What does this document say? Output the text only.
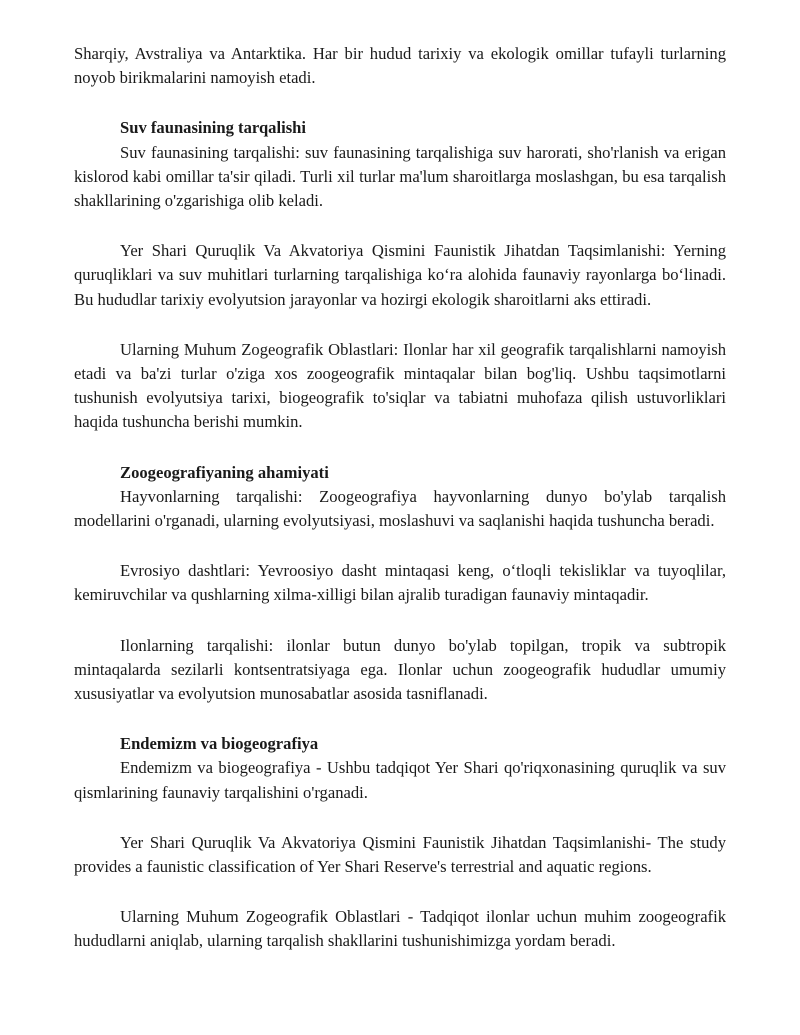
Sharqiy, Avstraliya va Antarktika. Har bir hudud tarixiy va ekologik omillar tufayli turlarning noyob birikmalarini namoyish etadi.

Suv faunasining tarqalishi

Suv faunasining tarqalishi: suv faunasining tarqalishiga suv harorati, sho'rlanish va erigan kislorod kabi omillar ta'sir qiladi. Turli xil turlar ma'lum sharoitlarga moslashgan, bu esa tarqalish shakllarining o'zgarishiga olib keladi.

Yer Shari Quruqlik Va Akvatoriya Qismini Faunistik Jihatdan Taqsimlanishi: Yerning quruqliklari va suv muhitlari turlarning tarqalishiga ko‘ra alohida faunaviy rayonlarga bo‘linadi. Bu hududlar tarixiy evolyutsion jarayonlar va hozirgi ekologik sharoitlarni aks ettiradi.

Ularning Muhum Zogeografik Oblastlari: Ilonlar har xil geografik tarqalishlarni namoyish etadi va ba'zi turlar o'ziga xos zoogeografik mintaqalar bilan bog'liq. Ushbu taqsimotlarni tushunish evolyutsiya tarixi, biogeografik to'siqlar va tabiatni muhofaza qilish ustuvorliklari haqida tushuncha berishi mumkin.

Zoogeografiyaning ahamiyati

Hayvonlarning tarqalishi: Zoogeografiya hayvonlarning dunyo bo'ylab tarqalish modellarini o'rganadi, ularning evolyutsiyasi, moslashuvi va saqlanishi haqida tushuncha beradi.

Evrosiyo dashtlari: Yevroosiyo dasht mintaqasi keng, o‘tloqli tekisliklar va tuyoqlilar, kemiruvchilar va qushlarning xilma-xilligi bilan ajralib turadigan faunaviy mintaqadir.

Ilonlarning tarqalishi: ilonlar butun dunyo bo'ylab topilgan, tropik va subtropik mintaqalarda sezilarli kontsentratsiyaga ega. Ilonlar uchun zoogeografik hududlar umumiy xususiyatlar va evolyutsion munosabatlar asosida tasniflanadi.

Endemizm va biogeografiya

Endemizm va biogeografiya - Ushbu tadqiqot Yer Shari qo'riqxonasining quruqlik va suv qismlarining faunaviy tarqalishini o'rganadi.

Yer Shari Quruqlik Va Akvatoriya Qismini Faunistik Jihatdan Taqsimlanishi- The study provides a faunistic classification of Yer Shari Reserve's terrestrial and aquatic regions.

Ularning Muhum Zogeografik Oblastlari - Tadqiqot ilonlar uchun muhim zoogeografik hududlarni aniqlab, ularning tarqalish shakllarini tushunishimizga yordam beradi.
